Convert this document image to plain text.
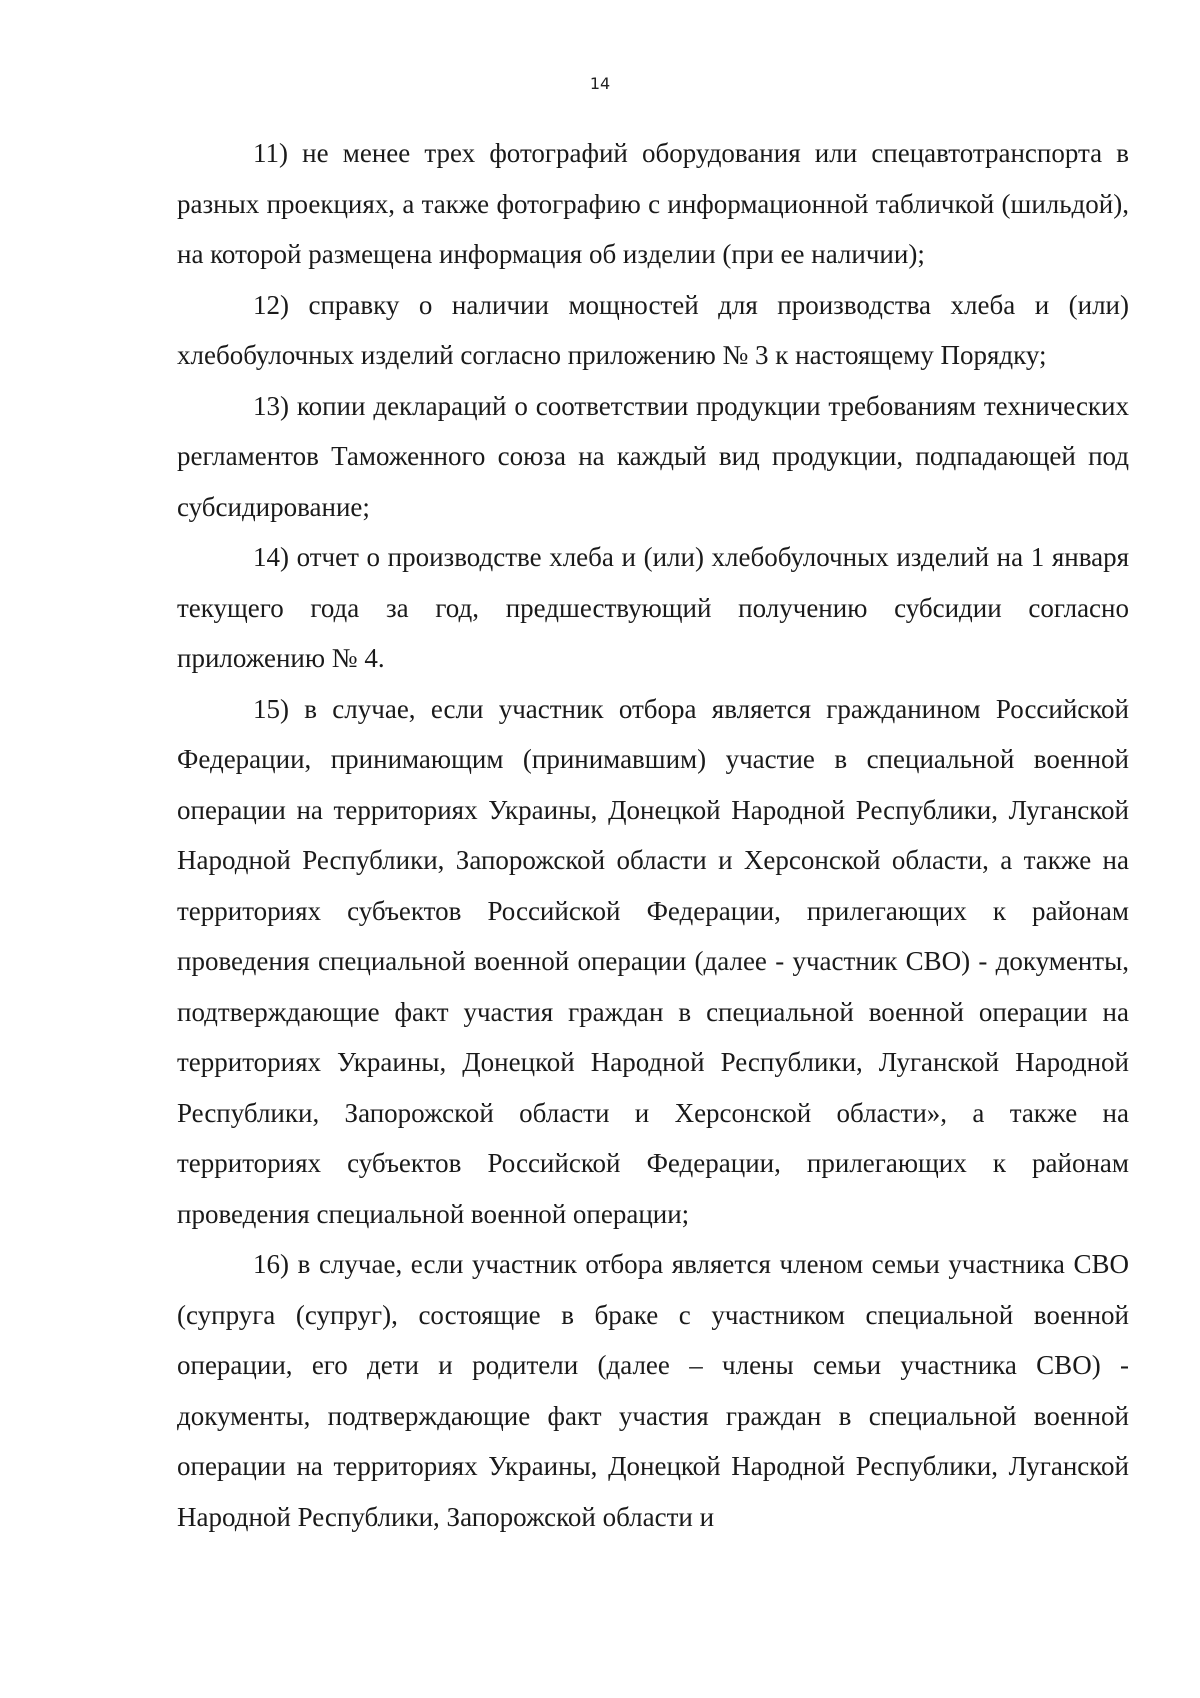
14

11) не менее трех фотографий оборудования или спецавтотранспорта в разных проекциях, а также фотографию с информационной табличкой (шильдой), на которой размещена информация об изделии (при ее наличии);

12) справку о наличии мощностей для производства хлеба и (или) хлебобулочных изделий согласно приложению № 3 к настоящему Порядку;

13) копии деклараций о соответствии продукции требованиям технических регламентов Таможенного союза на каждый вид продукции, подпадающей под субсидирование;

14) отчет о производстве хлеба и (или) хлебобулочных изделий на 1 января текущего года за год, предшествующий получению субсидии согласно приложению № 4.

15) в случае, если участник отбора является гражданином Российской Федерации, принимающим (принимавшим) участие в специальной военной операции на территориях Украины, Донецкой Народной Республики, Луганской Народной Республики, Запорожской области и Херсонской области, а также на территориях субъектов Российской Федерации, прилегающих к районам проведения специальной военной операции (далее - участник СВО) - документы, подтверждающие факт участия граждан в специальной военной операции на территориях Украины, Донецкой Народной Республики, Луганской Народной Республики, Запорожской области и Херсонской области», а также на территориях субъектов Российской Федерации, прилегающих к районам проведения специальной военной операции;

16) в случае, если участник отбора является членом семьи участника СВО (супруга (супруг), состоящие в браке с участником специальной военной операции, его дети и родители (далее – члены семьи участника СВО) - документы, подтверждающие факт участия граждан в специальной военной операции на территориях Украины, Донецкой Народной Республики, Луганской Народной Республики, Запорожской области и
